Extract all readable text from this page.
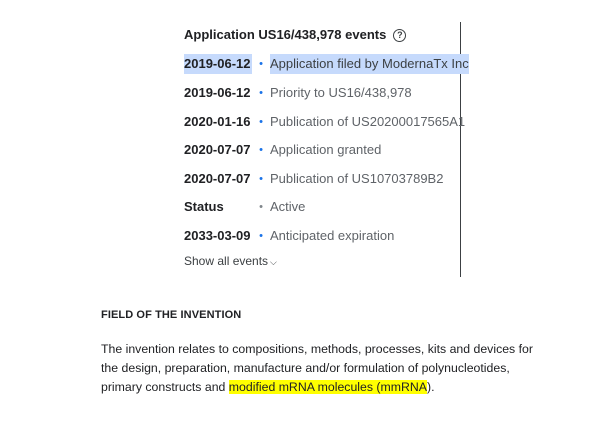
Application US16/438,978 events ?
2019-06-12 • Application filed by ModernaTx Inc
2019-06-12 • Priority to US16/438,978
2020-01-16 • Publication of US20200017565A1
2020-07-07 • Application granted
2020-07-07 • Publication of US10703789B2
Status	• Active
2033-03-09 • Anticipated expiration
Show all events ⌵
FIELD OF THE INVENTION
The invention relates to compositions, methods, processes, kits and devices for the design, preparation, manufacture and/or formulation of polynucleotides, primary constructs and modified mRNA molecules (mmRNA).
